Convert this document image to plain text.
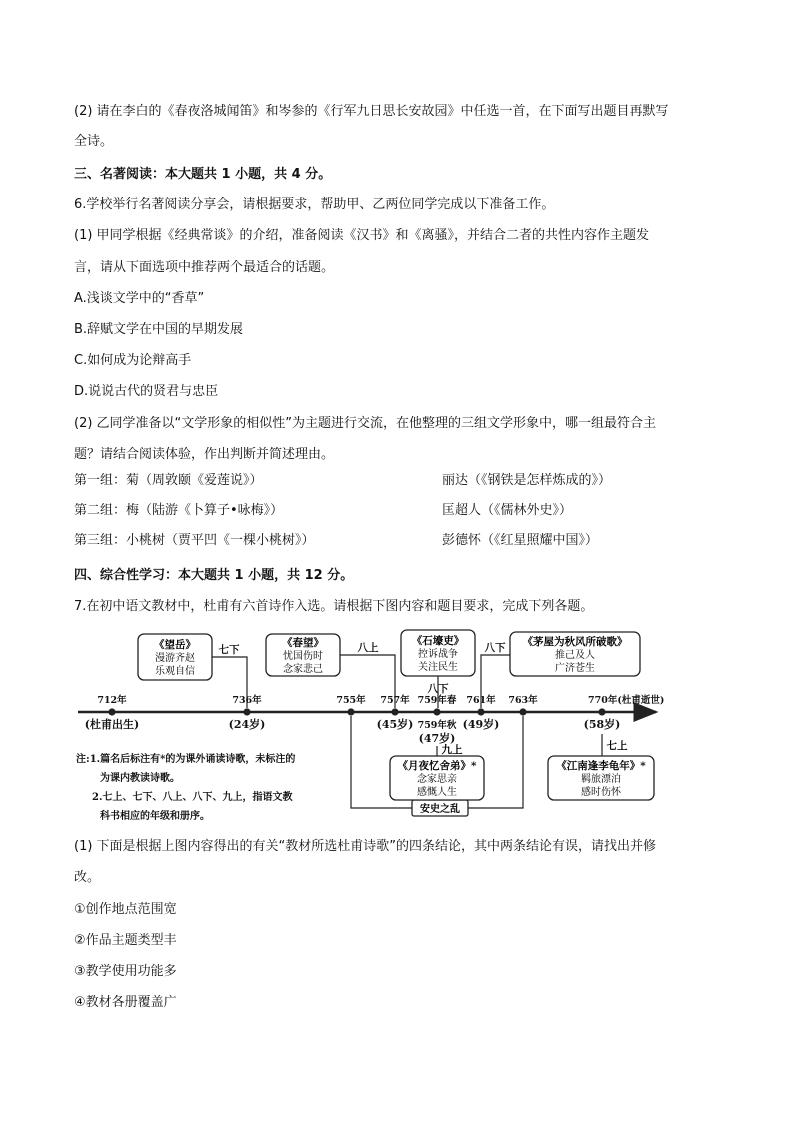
(2) 请在李白的《春夜洛城闻笛》和岑参的《行军九日思长安故园》中任选一首，在下面写出题目再默写
全诗。
三、名著阅读：本大题共 1 小题，共 4 分。
6.学校举行名著阅读分享会，请根据要求，帮助甲、乙两位同学完成以下准备工作。
(1) 甲同学根据《经典常谈》的介绍，准备阅读《汉书》和《离骚》，并结合二者的共性内容作主题发
言，请从下面选项中推荐两个最适合的话题。
A.浅谈文学中的“香草”
B.辞赋文学在中国的早期发展
C.如何成为论辩高手
D.说说古代的贤君与忠臣
(2) 乙同学准备以“文学形象的相似性”为主题进行交流，在他整理的三组文学形象中，哪一组最符合主
题？请结合阅读体验，作出判断并简述理由。
第一组：菊（周敦颐《爱莲说》）	丽达（《钢铁是怎样炼成的》）
第二组：梅（陆游《卜算子•咏梅》）	匡超人（《儒林外史》）
第三组：小桃树（贾平凹《一棵小桃树》）	彭德怀（《红星照耀中国》）
四、综合性学习：本大题共 1 小题，共 12 分。
7.在初中语文教材中，杜甫有六首诗作入选。请根据下图内容和题目要求，完成下列各题。
712年	736年	755年 757年 759年春 761年 763年	770年(杜甫逝世)
(杜甫出生)	(24岁)	(45岁)	(49岁)
(47岁)
(58岁)
759年秋
《望岳》
漫游齐赵
乐观自信
《春望》
忧国伤时
念家悲己
《石壕吏》
控诉战争
关注民生
《茅屋为秋风所破歌》
推己及人
广济苍生
七下	八上
八下
八下
安史之乱
九上
《月夜忆舍弟》*
念家思亲
感慨人生
七上
《江南逢李龟年》*
羁旅漂泊
感时伤怀
注:1.篇名后标注有*的为课外诵读诗歌，未标注的
为课内教读诗歌。
2.七上、七下、八上、八下、九上，指语文教
科书相应的年级和册序。
(1) 下面是根据上图内容得出的有关“教材所选杜甫诗歌”的四条结论，其中两条结论有误，请找出并修
改。
①创作地点范围宽
②作品主题类型丰
③教学使用功能多
④教材各册覆盖广
